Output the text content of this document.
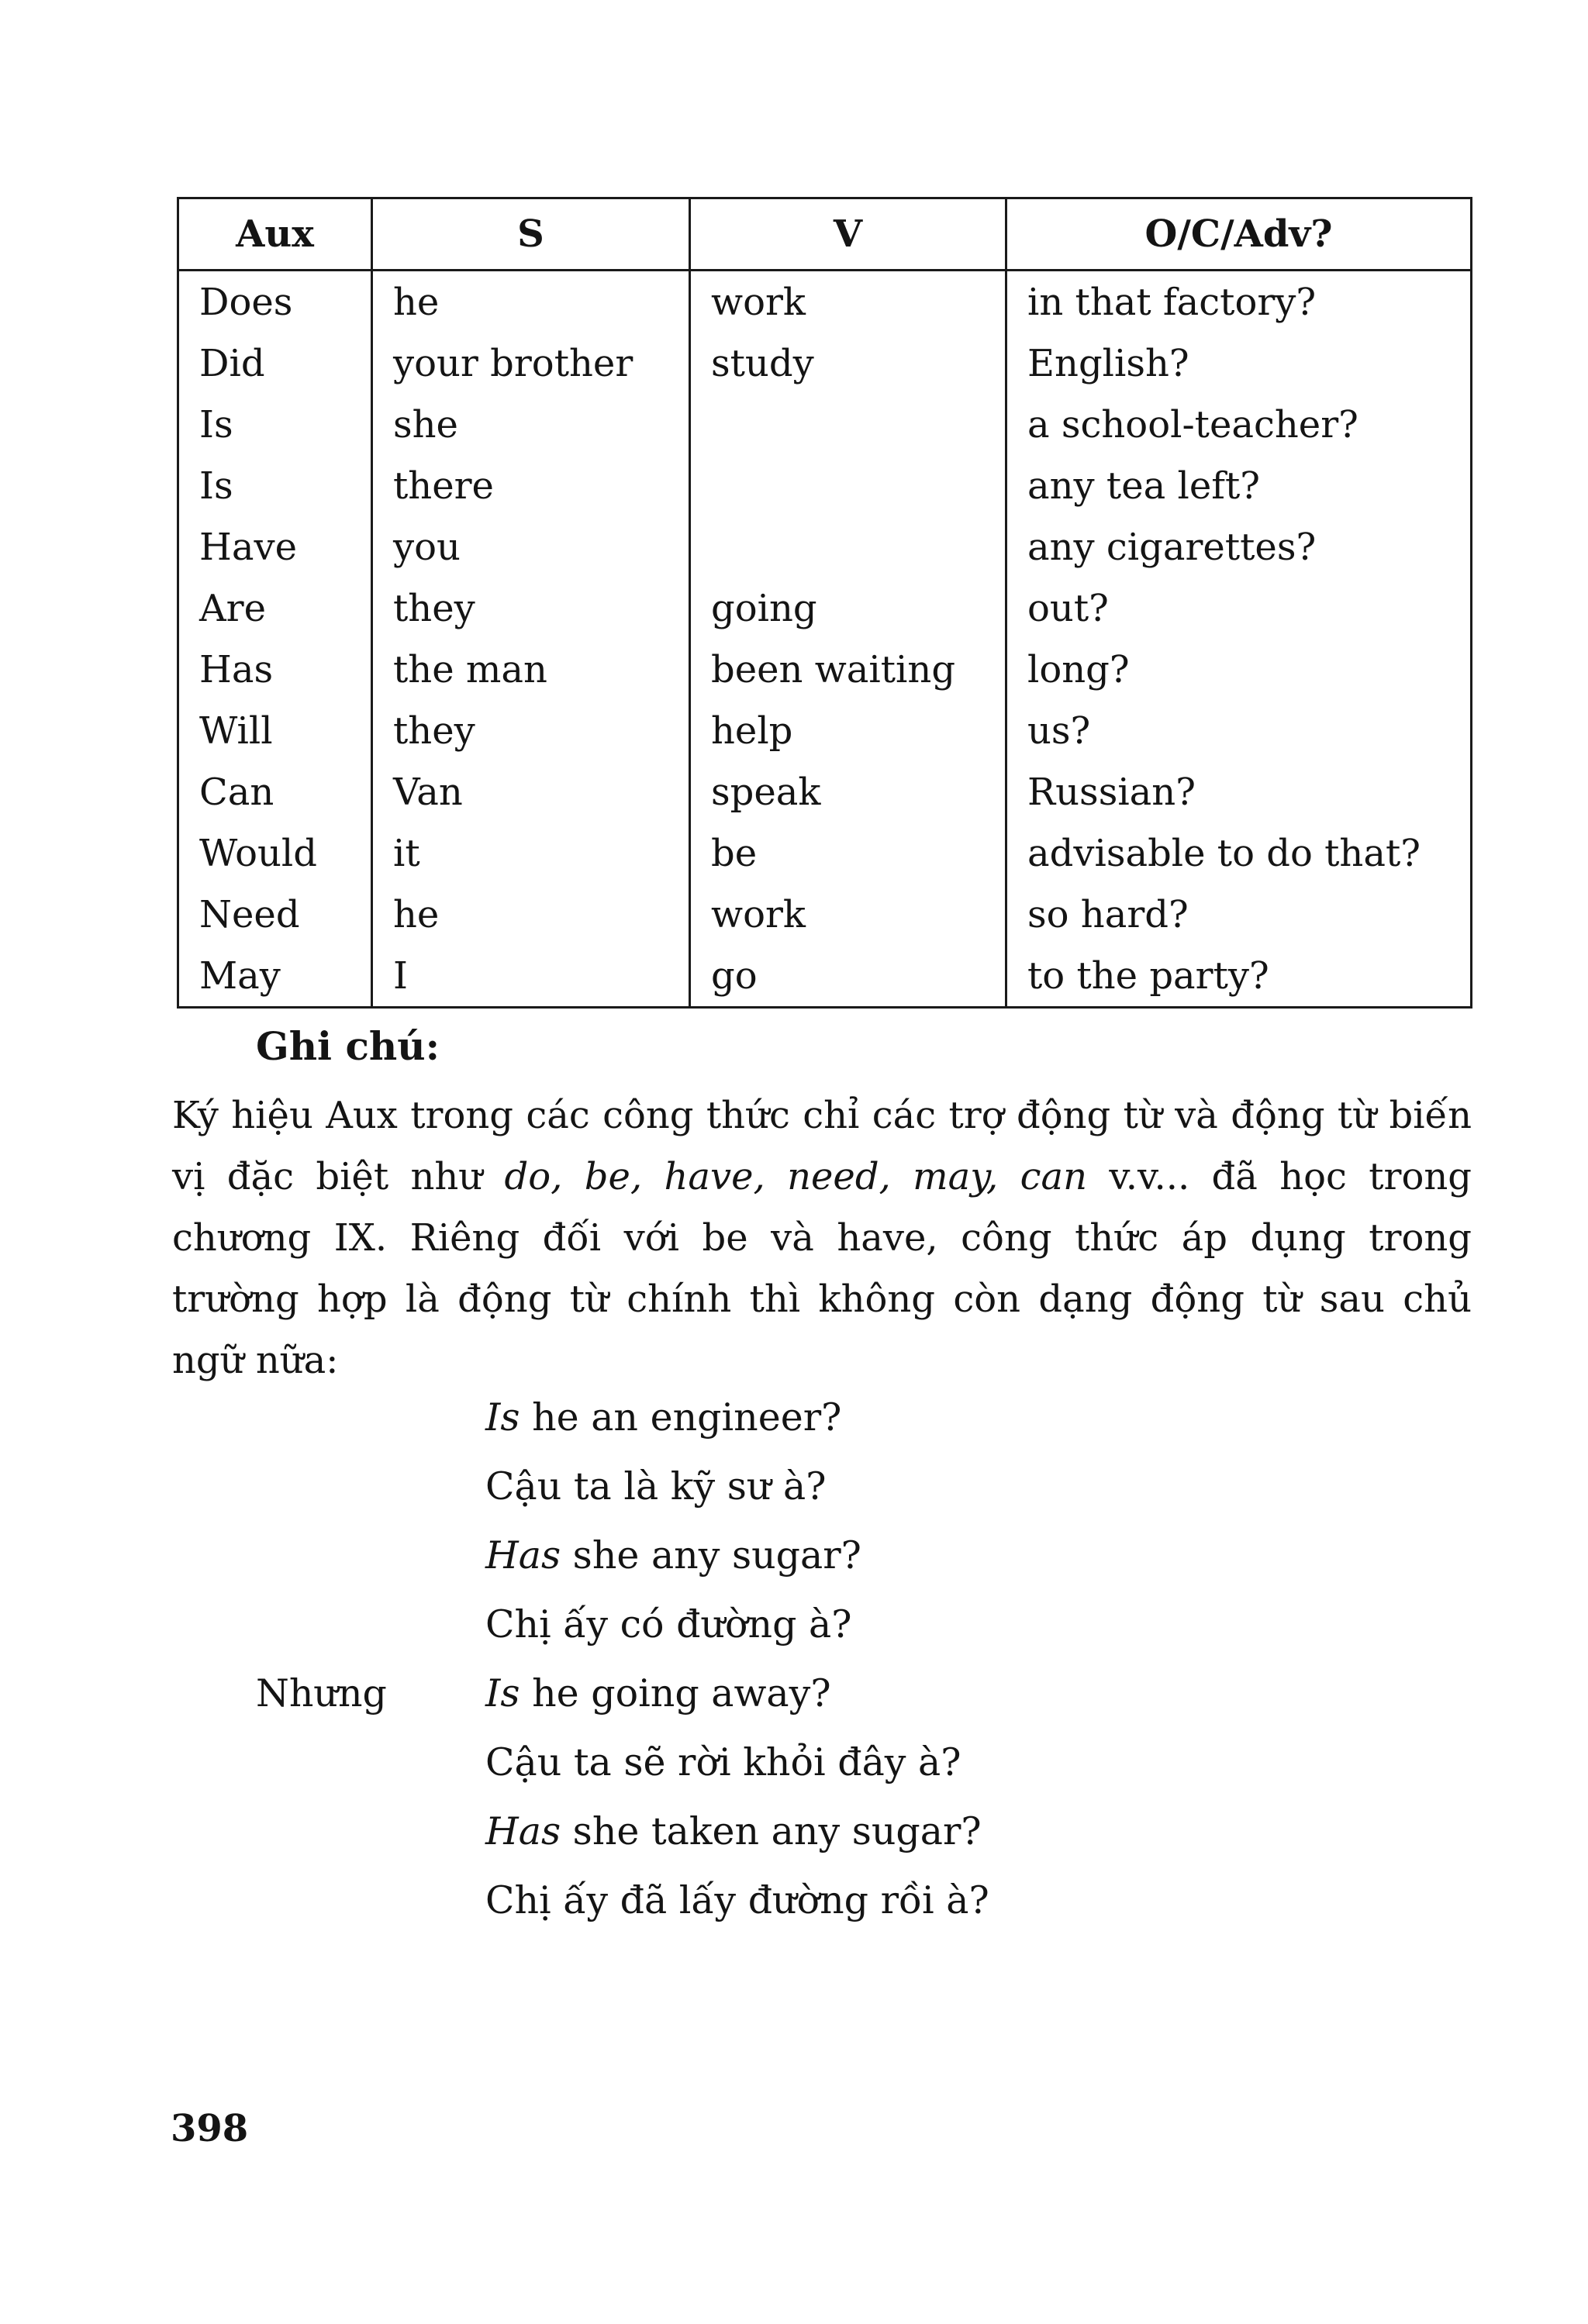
Aux	S	V	O/C/Adv?
Does	he	work	in that factory?
Did	your brother	study	English?
Is	she		a school-teacher?
Is	there		any tea left?
Have	you		any cigarettes?
Are	they	going	out?
Has	the man	been waiting	long?
Will	they	help	us?
Can	Van	speak	Russian?
Would	it	be	advisable to do that?
Need	he	work	so hard?
May	I	go	to the party?
Ghi chú:
Ký hiệu Aux trong các công thức chỉ các trợ động từ và động từ biến vị đặc biệt như do, be, have, need, may, can v.v... đã học trong chương IX. Riêng đối với be và have, công thức áp dụng trong trường hợp là động từ chính thì không còn dạng động từ sau chủ ngữ nữa:
Is he an engineer?
Cậu ta là kỹ sư à?
Has she any sugar?
Chị ấy có đường à?
Nhưng	Is he going away?
Cậu ta sẽ rời khỏi đây à?
Has she taken any sugar?
Chị ấy đã lấy đường rồi à?
398
